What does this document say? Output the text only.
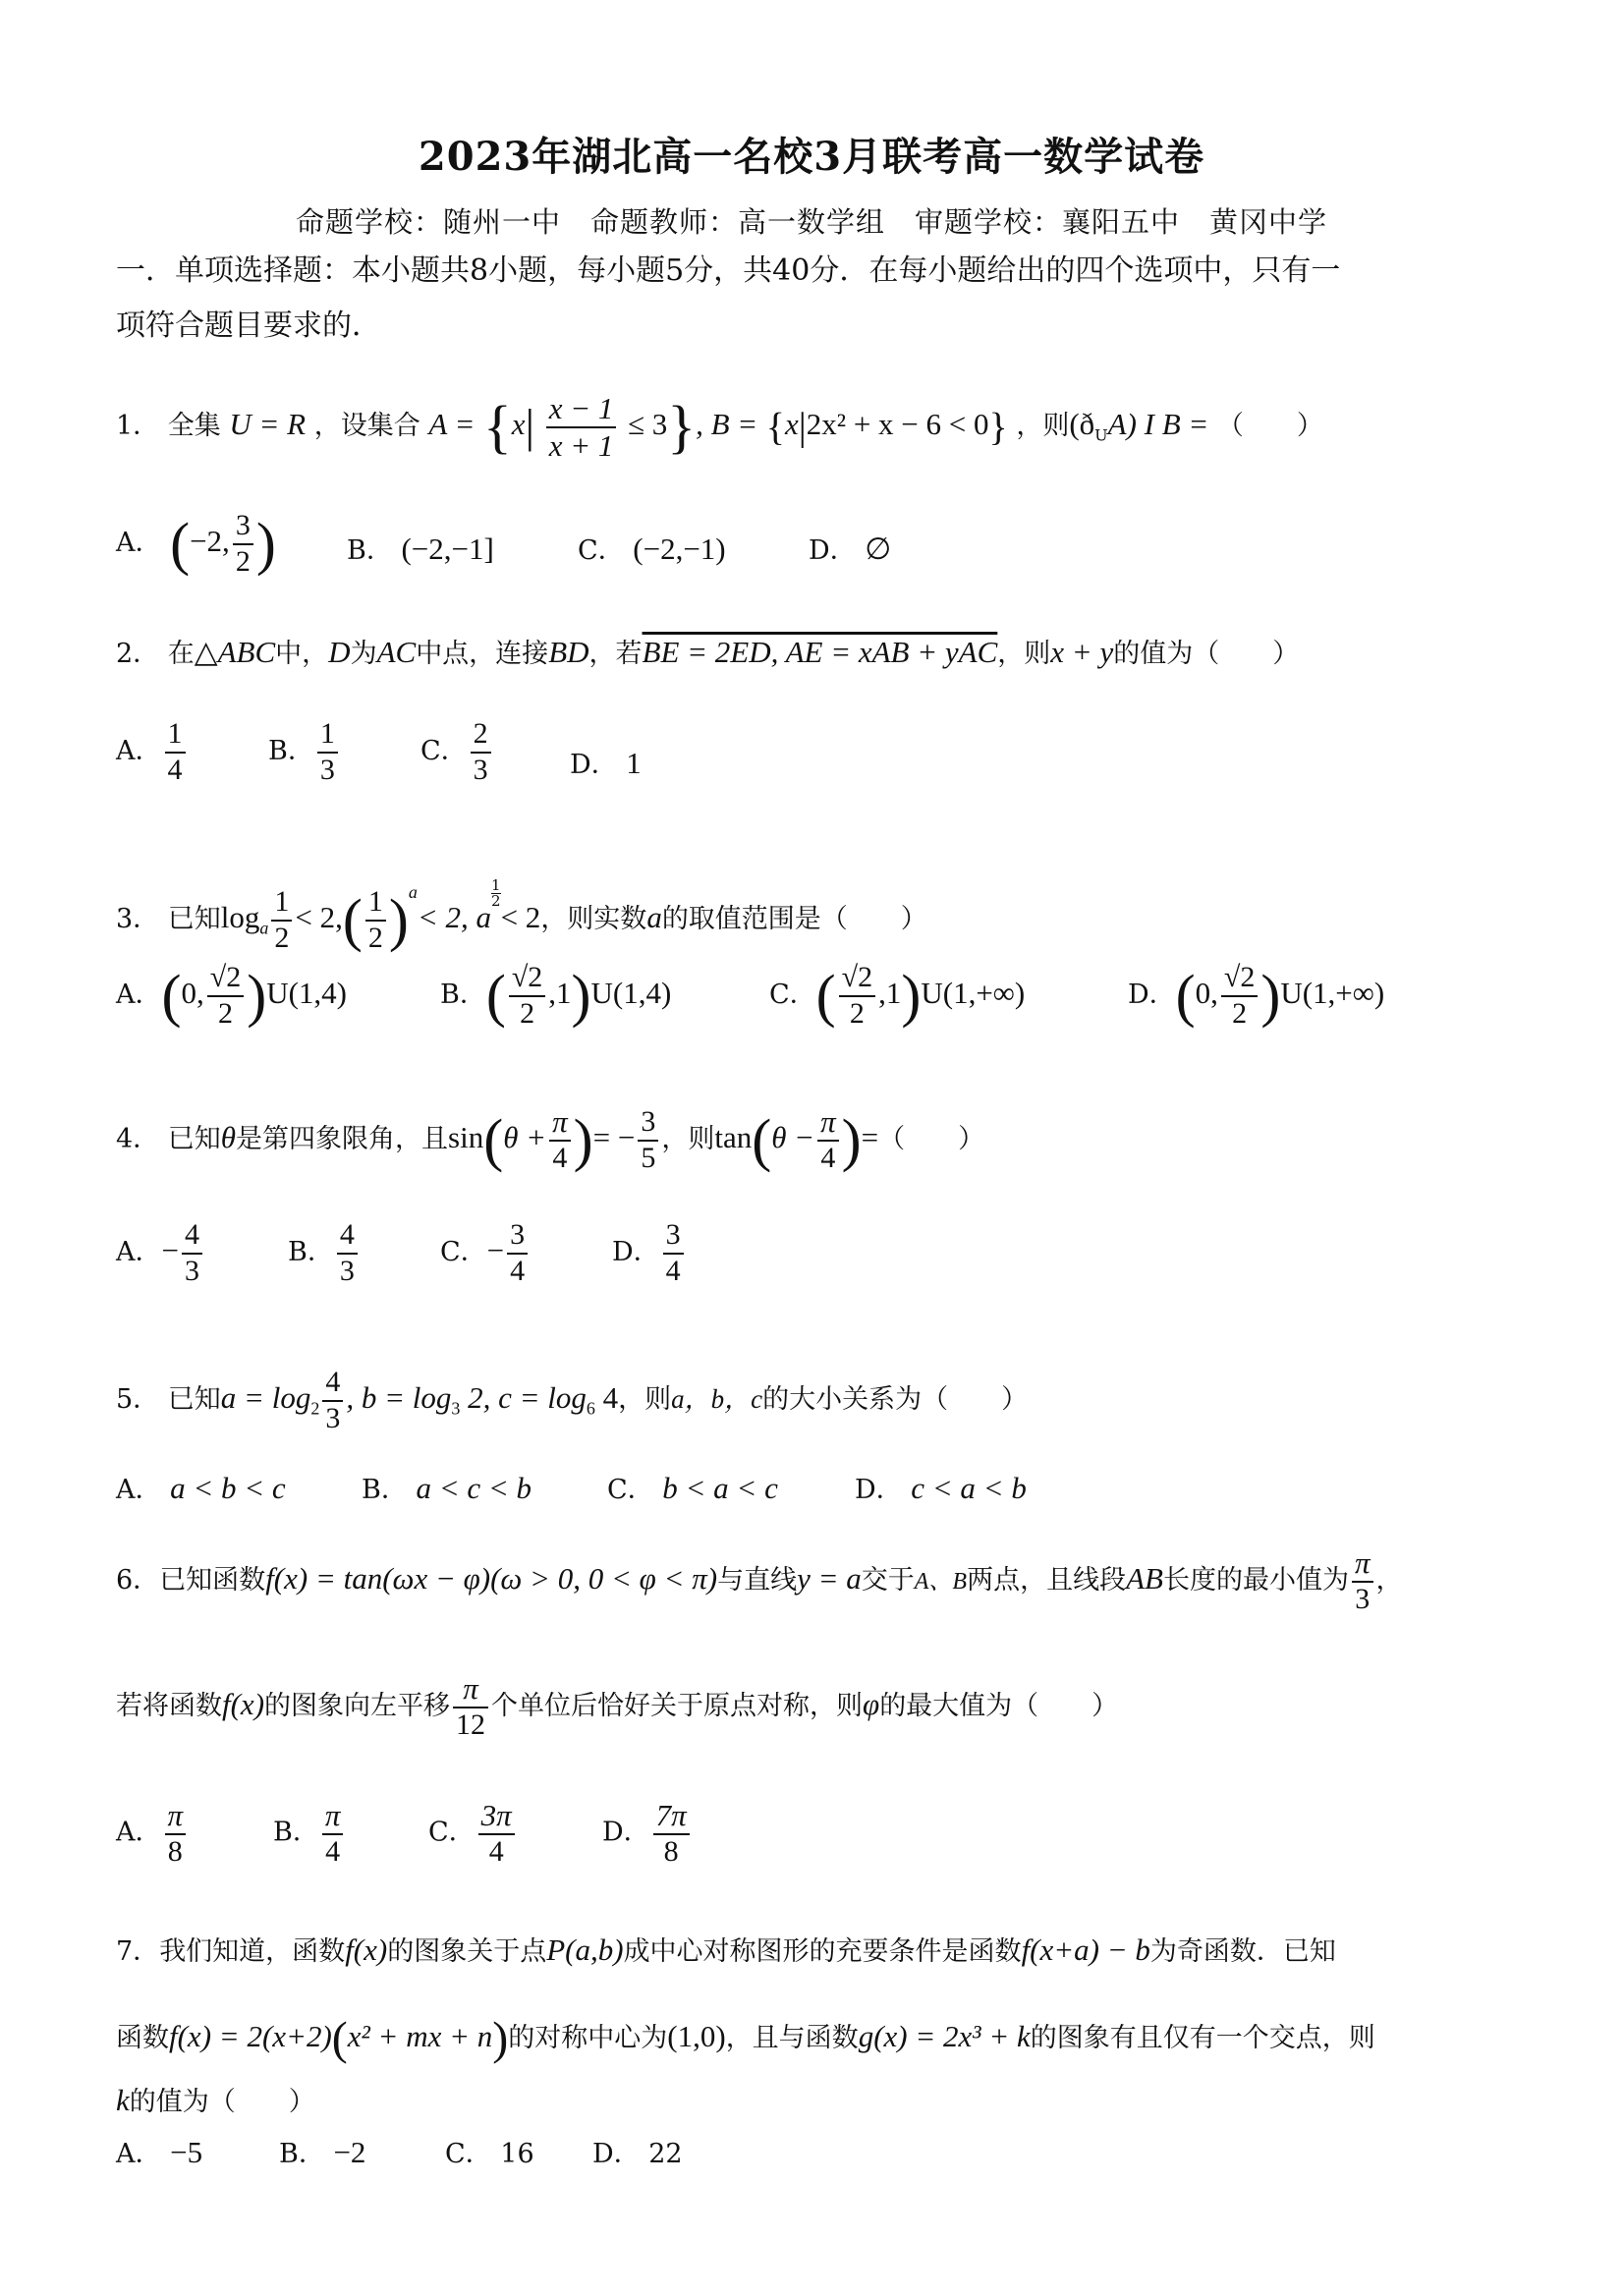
2023年湖北高一名校3月联考高一数学试卷
命题学校：随州一中　命题教师：高一数学组　审题学校：襄阳五中　黄冈中学
一．单项选择题：本小题共8小题，每小题5分，共40分．在每小题给出的四个选项中，只有一
项符合题目要求的．
1． 全集 U = R ，设集合 $A = \{x| \frac{x - 1}{x + 1} \le 3\}$, B = {x|2x² + x − 6 < 0} ，则$(ð_UA)$ I B = （　　）
A． (−2, $\frac{3}{2}$ )	B． (−2,−1]	C． (−2,−1)	D． ∅
2． 在△ABC中，D为AC中点，连接BD，若BE = 2ED, AE = xAB + yAC，则x + y的值为（　　）
A． $\frac{1}{4}$	B． $\frac{1}{3}$	C． $\frac{2}{3}$	D． 1
3． 已知$\log_a \frac{1}{2} < 2,( \frac{1}{2} )^a< 2$, a
$^{\frac{1}{2}}$
< 2，则实数a的取值范围是（　　）
A．(0, $\frac{√2}{2} )U(1,4)$	B．( $\frac{√2}{2} ,1)U(1,4)$	C．( $\frac{√2}{2} ,1)U(1,+\infty)$	D．(0, $\frac{√2}{2} )U(1,+\infty)$
4． 已知θ是第四象限角，且$\sin(\theta + \frac{\pi}{4}$ )= − $\frac{3}{5}$ ，则$\tan(\theta - \frac{\pi}{4}$ )=（　　）
A．− $\frac{4}{3}$	B． $\frac{4}{3}$	C．− $\frac{3}{4}$	D． $\frac{3}{4}$
5． 已知$a = \log_2 \frac{4}{3}$ , $b = \log_3 2$, $c = \log_6 4$，则a，b，c的大小关系为（　　）
A． a < b < c	B． a < c < b	C． b < a < c	D． c < a < b
6．已知函数f(x) = tan(ωx − φ)(ω > 0, 0 < φ < π)与直线y = a交于A、B两点，且线段AB长度的最小值为 $\frac{\pi}{3}$ ，
若将函数f(x)的图象向左平移 $\frac{\pi}{12}$ 个单位后恰好关于原点对称，则φ的最大值为（　　）
A． $\frac{\pi}{8}$	B． $\frac{\pi}{4}$	C． $\frac{3\pi}{4}$	D． $\frac{7\pi}{8}$
7．我们知道，函数f(x)的图象关于点P(a,b)成中心对称图形的充要条件是函数f(x+a) − b为奇函数．已知
函数f(x) = 2(x+2)(x² + mx + n)的对称中心为(1,0)，且与函数g(x) = 2x³ + k的图象有且仅有一个交点，则
k的值为（　　）
A． −5	B． −2	C． 16 D． 22
